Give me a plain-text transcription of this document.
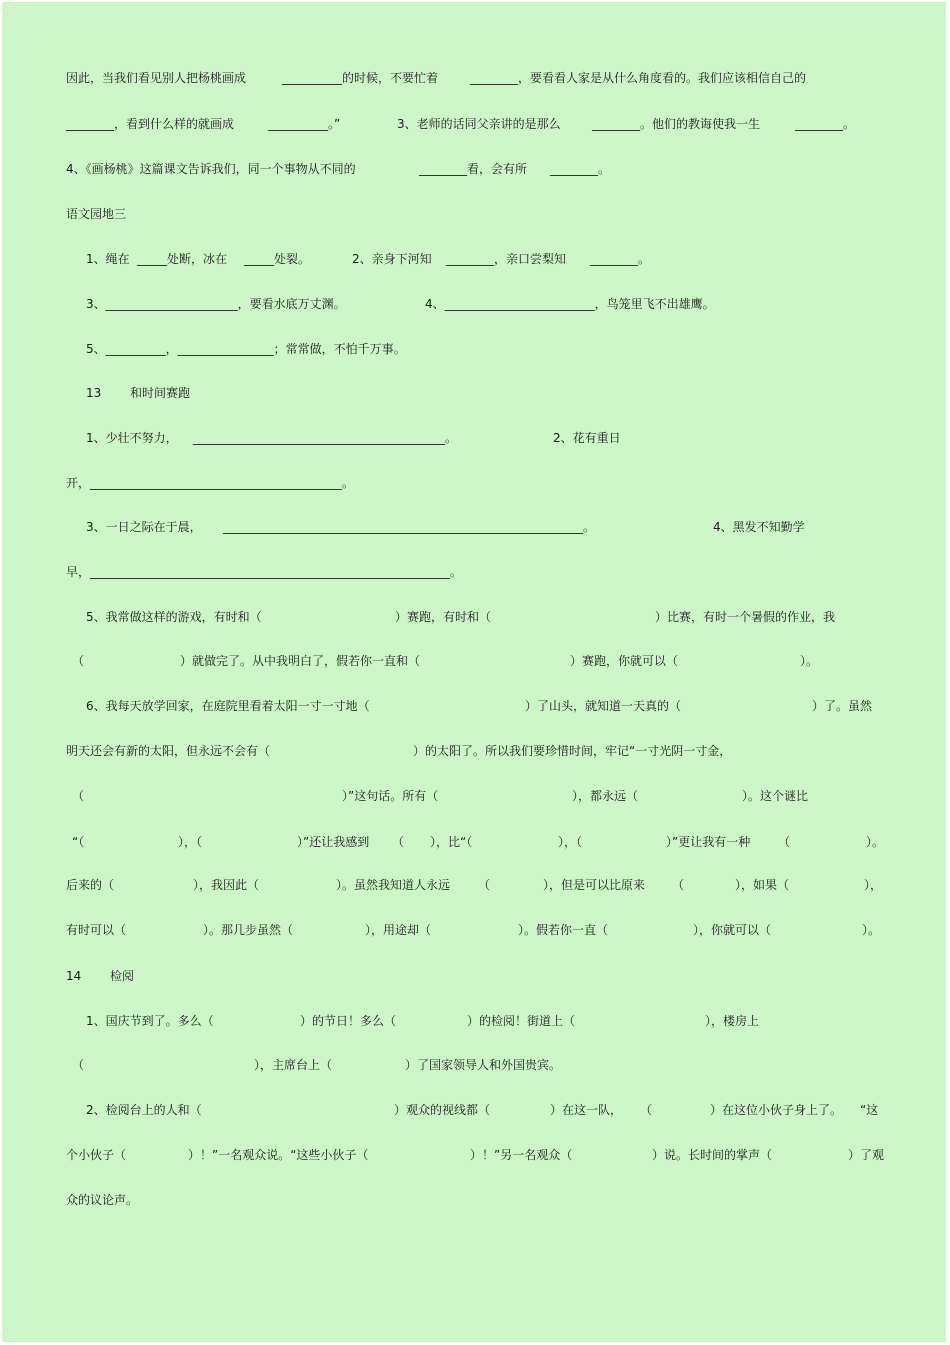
因此，当我们看见别人把杨桃画成	__________的时候，不要忙着	________，要看看人家是从什么角度看的。我们应该相信自己的
________，看到什么样的就画成	__________。”	3、老师的话同父亲讲的是那么	________。他们的教诲使我一生	________。
4、《画杨桃》这篇课文告诉我们，同一个事物从不同的	________看，会有所 ________。
语文园地三
1、绳在 _____处断，冰在 _____处裂。	2、亲身下河知 ________，亲口尝梨知 ________。
3、______________________，要看水底万丈渊。	4、_________________________，鸟笼里飞不出雄鹰。
5、__________，________________；常常做，不怕千万事。
13 和时间赛跑
1、少壮不努力， __________________________________________。	2、花有重日
开，__________________________________________。
3、一日之际在于晨， ____________________________________________________________。	4、黑发不知勤学
早，____________________________________________________________。
5、我常做这样的游戏，有时和（	）赛跑，有时和（	）比赛，有时一个暑假的作业，我
（	）就做完了。从中我明白了，假若你一直和（	）赛跑，你就可以（	）。
6、我每天放学回家，在庭院里看着太阳一寸一寸地（	）了山头，就知道一天真的（	）了。虽然
明天还会有新的太阳，但永远不会有（	）的太阳了。所以我们要珍惜时间，牢记“一寸光阴一寸金，
（	）”这句话。所有（	），都永远（	）。这个谜比
“（	），（	）”还让我感到 （ ），比“（	），（	）”更让我有一种 （	）。
后来的（	），我因此（	）。虽然我知道人永远 （	），但是可以比原来 （	），如果（	），
有时可以（	）。那几步虽然（	），用途却（	）。假若你一直（	），你就可以（	）。
14 检阅
1、国庆节到了。多么（	）的节日！多么（	）的检阅！街道上（	），楼房上
（	），主席台上（	）了国家领导人和外国贵宾。
2、检阅台上的人和（	）观众的视线都（	）在这一队， （	）在这位小伙子身上了。 “这
个小伙子（	）！”一名观众说。“这些小伙子（	）！”另一名观众（	）说。长时间的掌声（	）了观
众的议论声。
